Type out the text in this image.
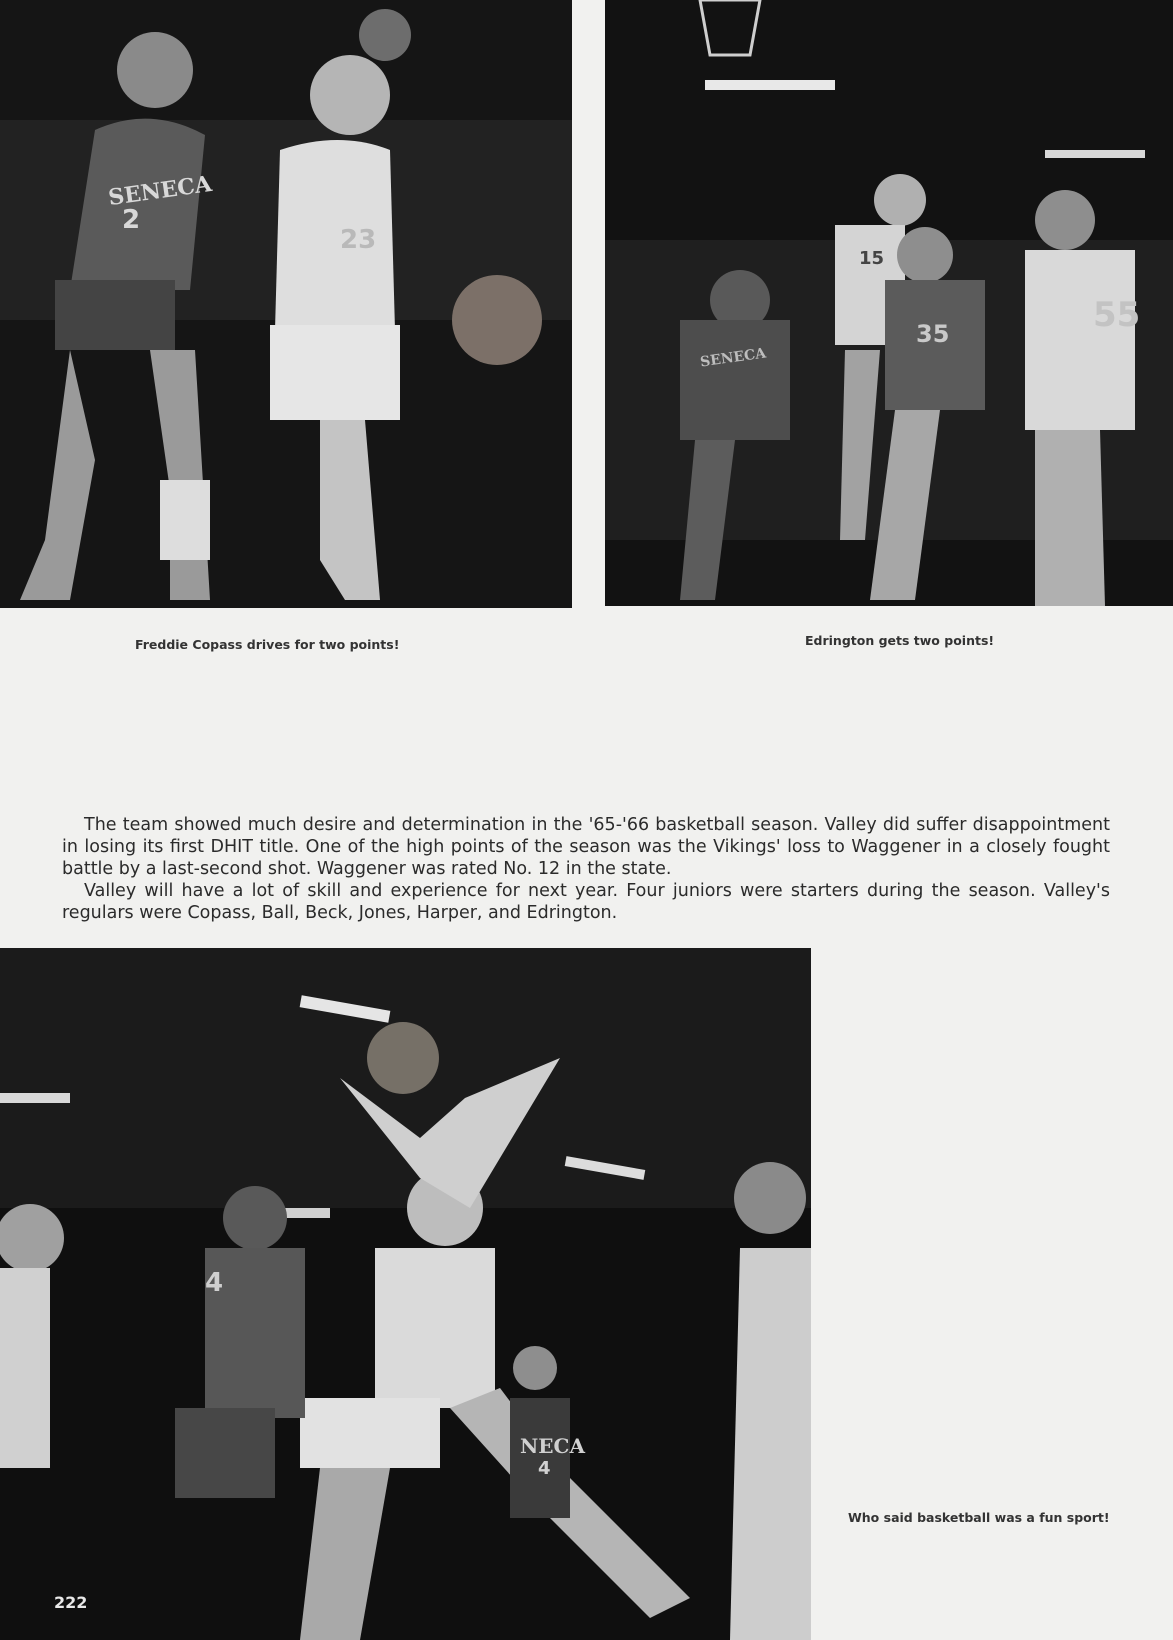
SENECA
2
23
15
35	55
SENECA
Freddie Copass drives for two points!	Edrington gets two points!

The team showed much desire and determination in the '65-'66 basketball season. Valley did suffer disappointment in losing its first DHIT title. One of the high points of the season was the Vikings' loss to Waggener in a closely fought battle by a last-second shot. Waggener was rated No. 12 in the state.

Valley will have a lot of skill and experience for next year. Four juniors were starters during the season. Valley's regulars were Copass, Ball, Beck, Jones, Harper, and Edrington.

4
NECA
4
222
Who said basketball was a fun sport!
